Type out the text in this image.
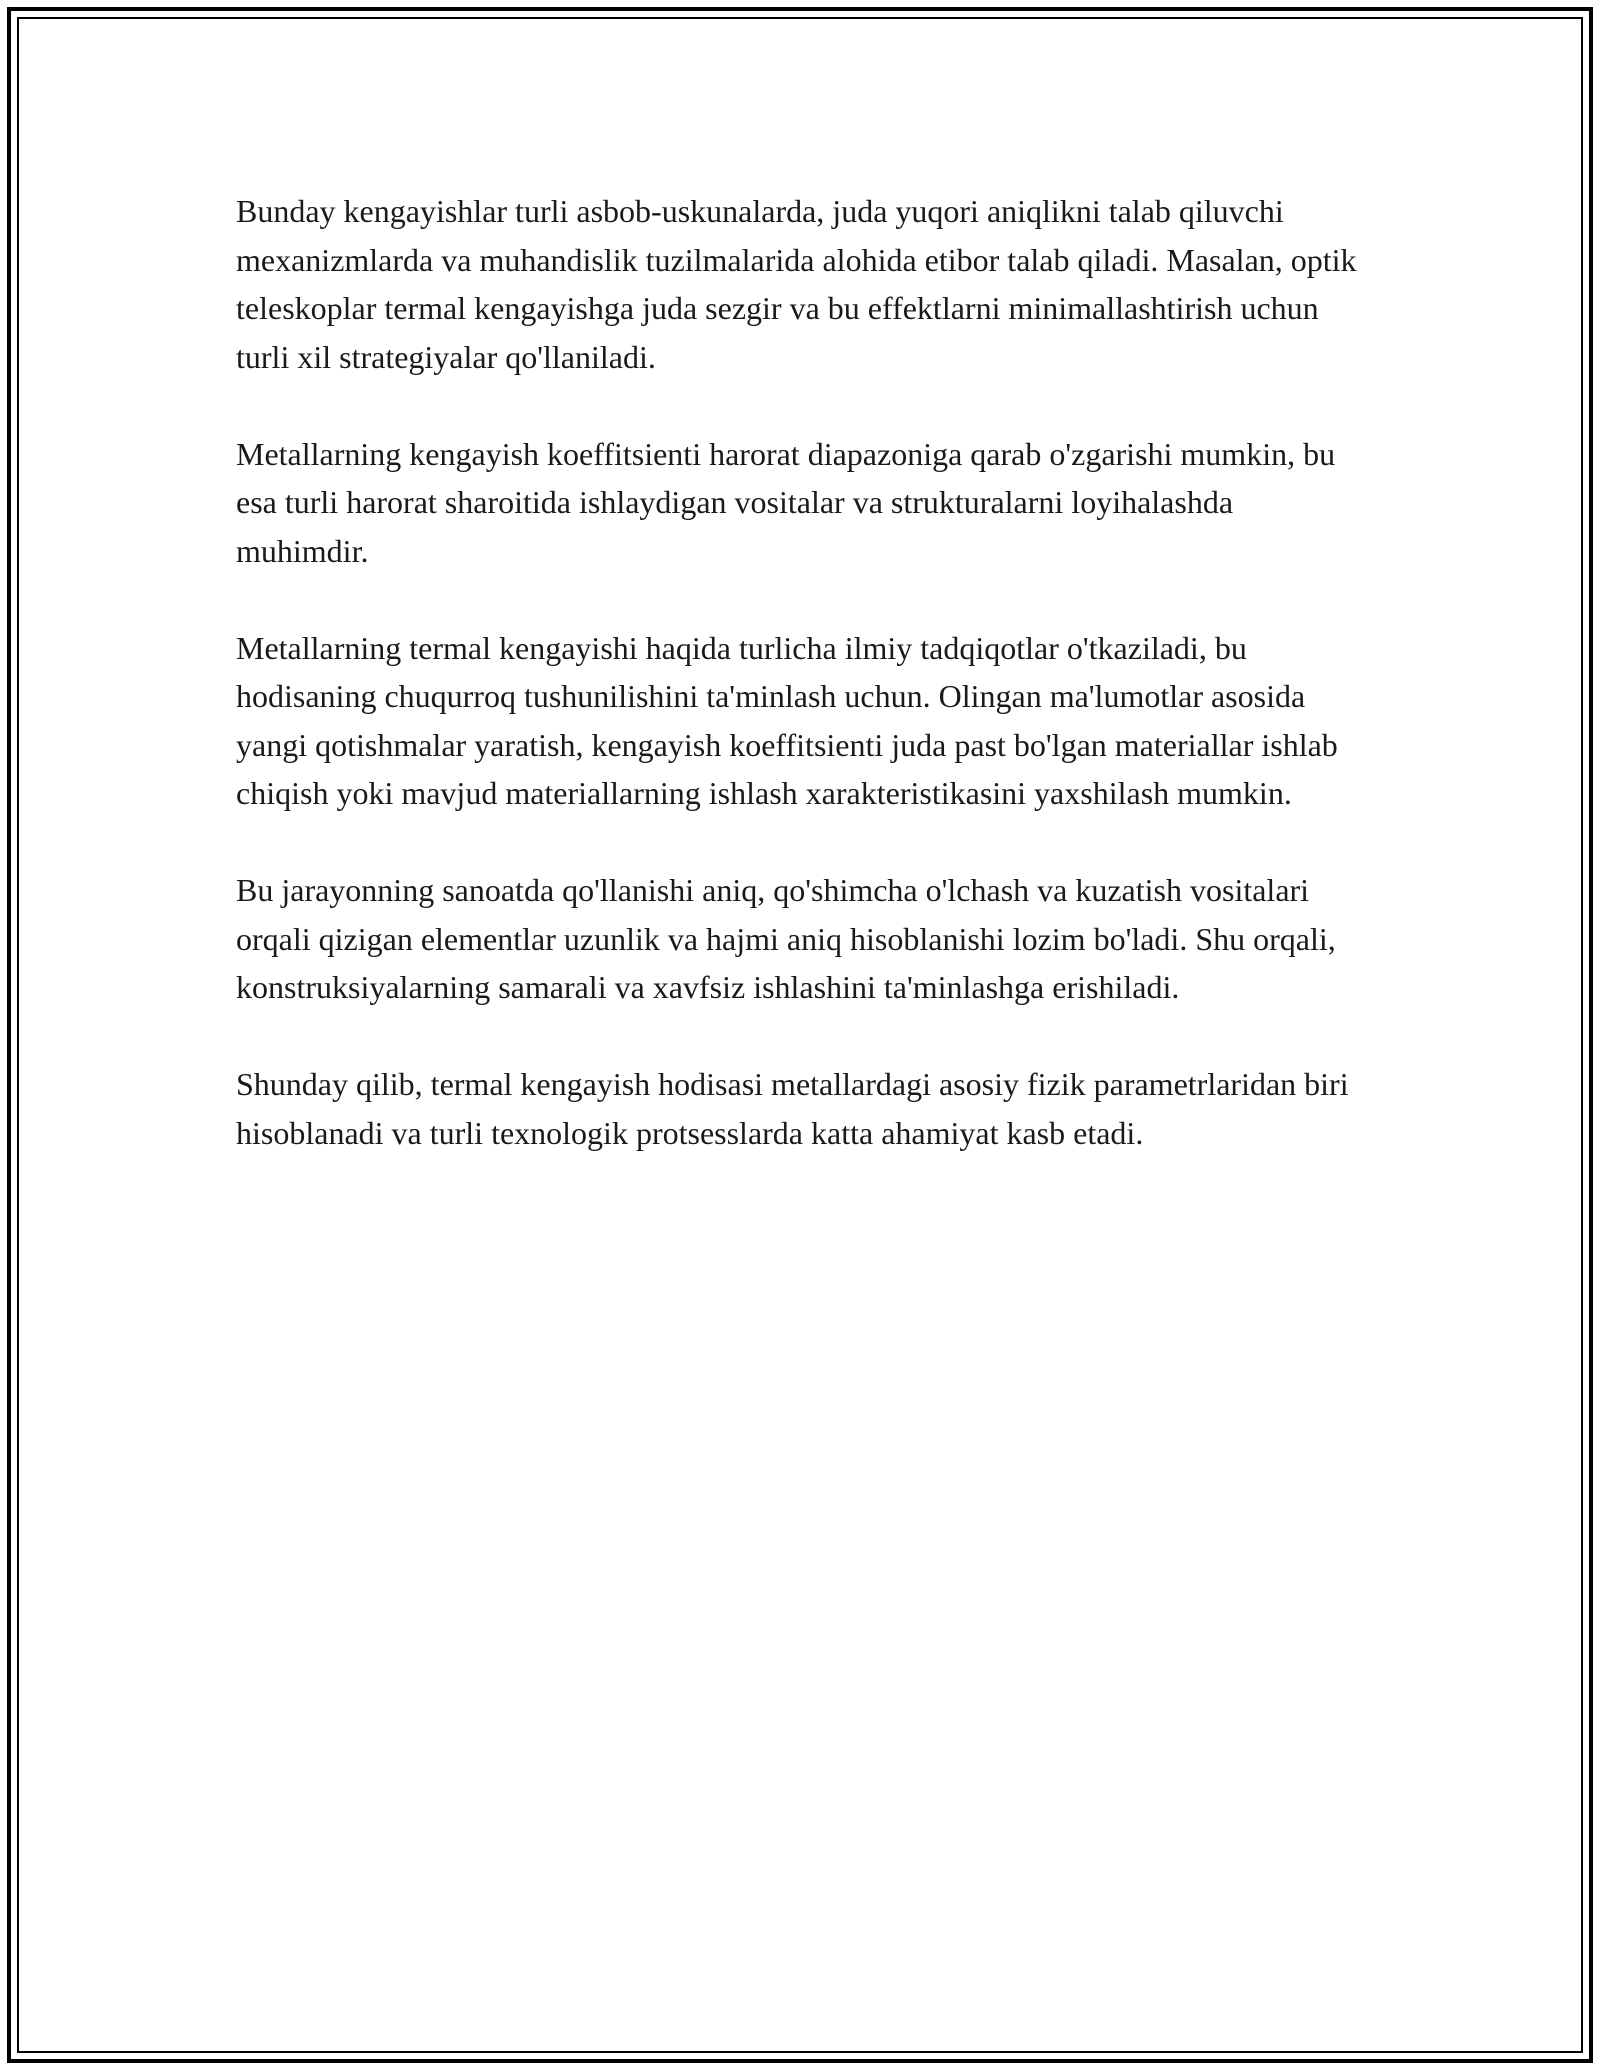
Bunday kengayishlar turli asbob-uskunalarda, juda yuqori aniqlikni talab qiluvchi mexanizmlarda va muhandislik tuzilmalarida alohida etibor talab qiladi. Masalan, optik teleskoplar termal kengayishga juda sezgir va bu effektlarni minimallashtirish uchun turli xil strategiyalar qo'llaniladi.

Metallarning kengayish koeffitsienti harorat diapazoniga qarab o'zgarishi mumkin, bu esa turli harorat sharoitida ishlaydigan vositalar va strukturalarni loyihalashda muhimdir.

Metallarning termal kengayishi haqida turlicha ilmiy tadqiqotlar o'tkaziladi, bu hodisaning chuqurroq tushunilishini ta'minlash uchun. Olingan ma'lumotlar asosida yangi qotishmalar yaratish, kengayish koeffitsienti juda past bo'lgan materiallar ishlab chiqish yoki mavjud materiallarning ishlash xarakteristikasini yaxshilash mumkin.

Bu jarayonning sanoatda qo'llanishi aniq, qo'shimcha o'lchash va kuzatish vositalari orqali qizigan elementlar uzunlik va hajmi aniq hisoblanishi lozim bo'ladi. Shu orqali, konstruksiyalarning samarali va xavfsiz ishlashini ta'minlashga erishiladi.

Shunday qilib, termal kengayish hodisasi metallardagi asosiy fizik parametrlaridan biri hisoblanadi va turli texnologik protsesslarda katta ahamiyat kasb etadi.
